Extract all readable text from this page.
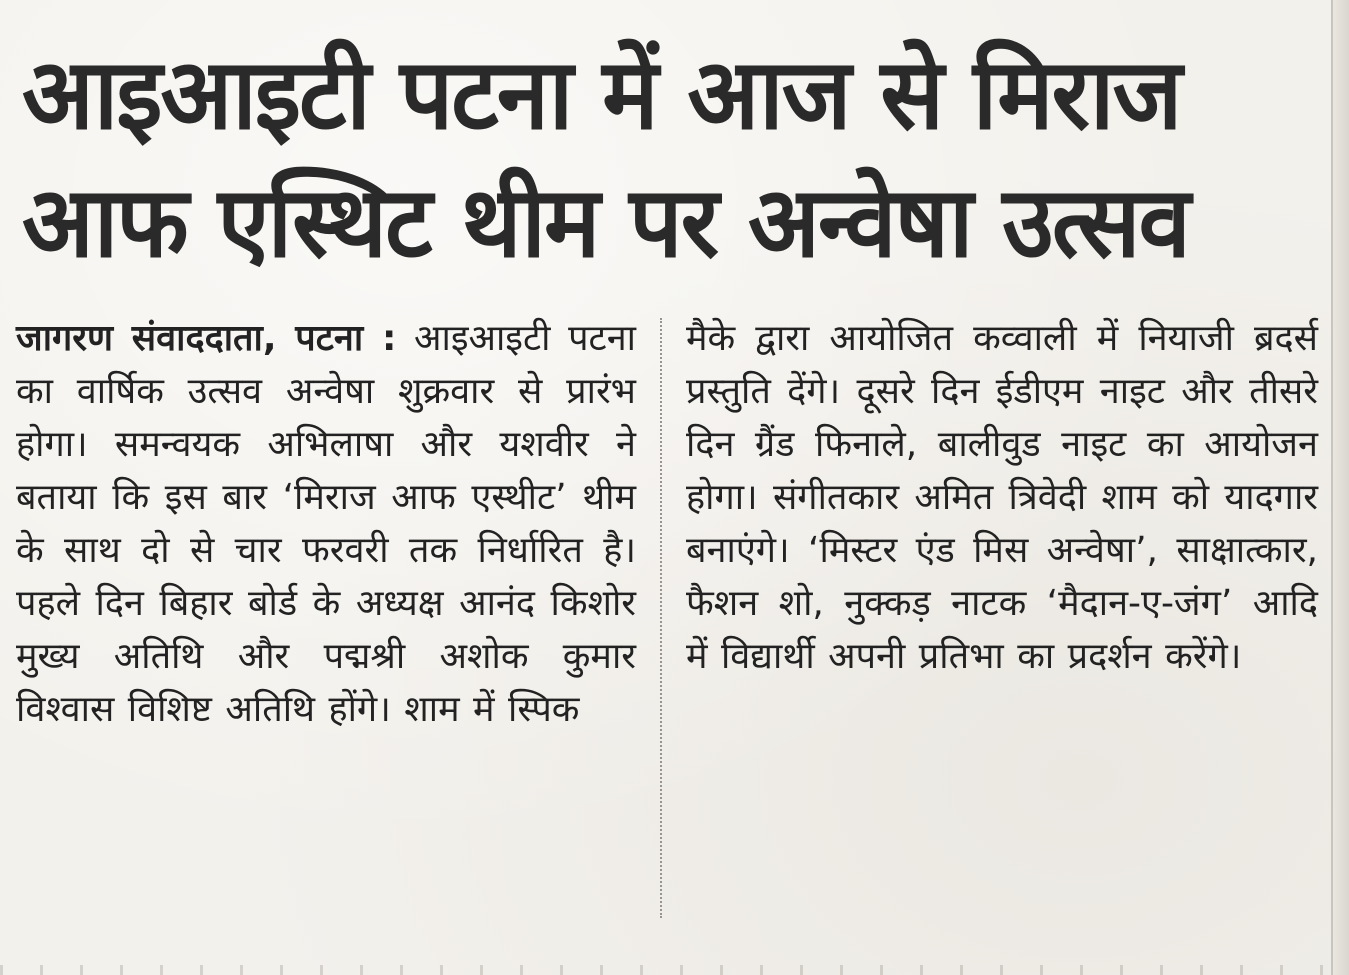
आइआइटी पटना में आज से मिराज
आफ एस्थिट थीम पर अन्वेषा उत्सव

जागरण संवाददाता, पटना : आइआइटी पटना का वार्षिक उत्सव अन्वेषा शुक्रवार से प्रारंभ होगा। समन्वयक अभिलाषा और यशवीर ने बताया कि इस बार ‘मिराज आफ एस्थीट’ थीम के साथ दो से चार फरवरी तक निर्धारित है। पहले दिन बिहार बोर्ड के अध्यक्ष आनंद किशोर मुख्य अतिथि और पद्मश्री अशोक कुमार विश्वास विशिष्ट अतिथि होंगे। शाम में स्पिक

मैके द्वारा आयोजित कव्वाली में नियाजी ब्रदर्स प्रस्तुति देंगे। दूसरे दिन ईडीएम नाइट और तीसरे दिन ग्रैंड फिनाले, बालीवुड नाइट का आयोजन होगा। संगीतकार अमित त्रिवेदी शाम को यादगार बनाएंगे। ‘मिस्टर एंड मिस अन्वेषा’, साक्षात्कार, फैशन शो, नुक्कड़ नाटक ‘मैदान-ए-जंग’ आदि में विद्यार्थी अपनी प्रतिभा का प्रदर्शन करेंगे।
